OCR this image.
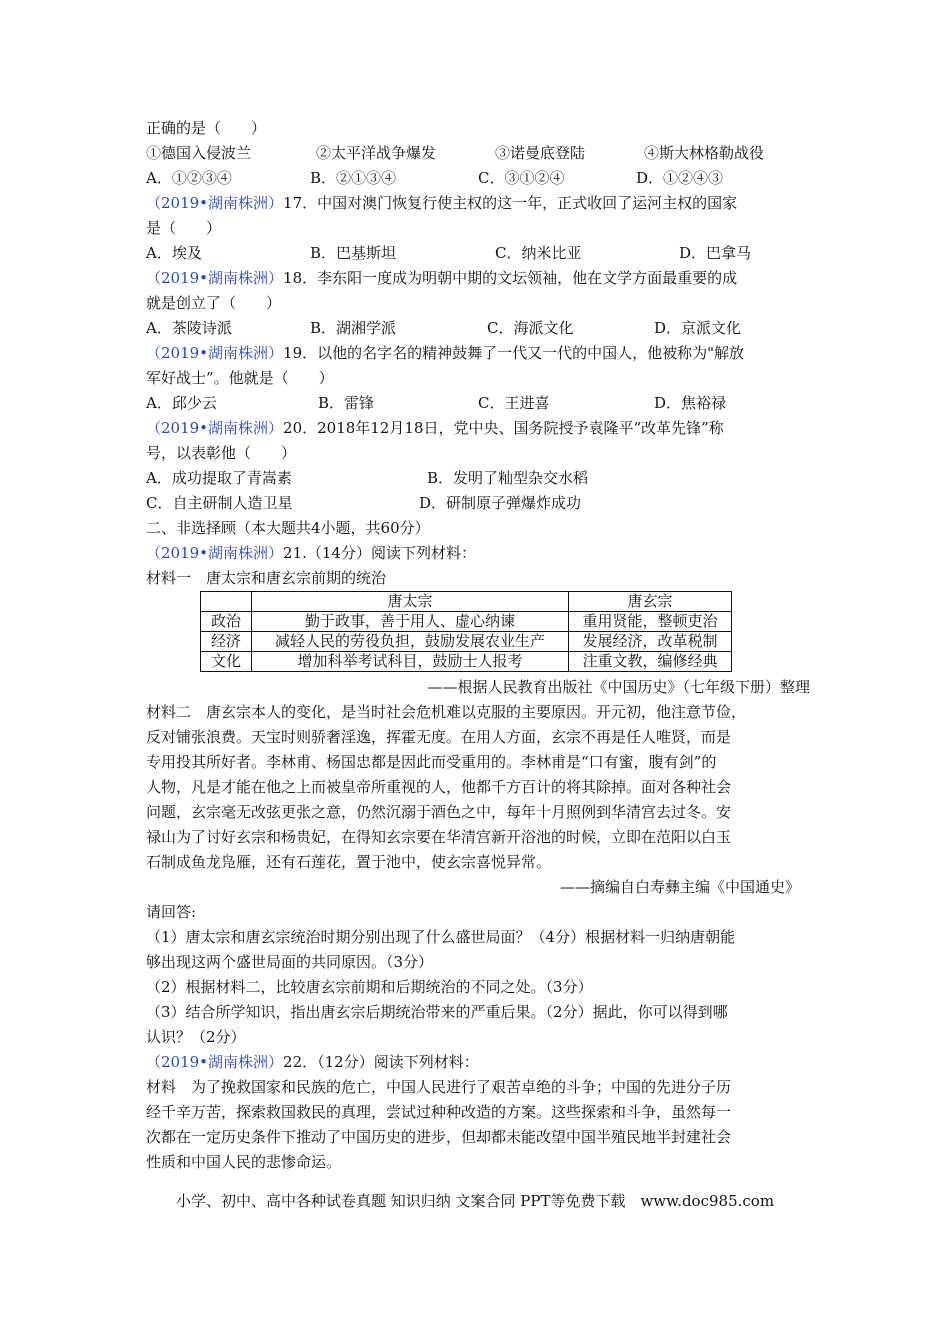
正确的是（　　）
①德国入侵波兰	②太平洋战争爆发	③诺曼底登陆	④斯大林格勒战役
A．①②③④	B．②①③④	C．③①②④	D．①②④③
（2019•湖南株洲）17．中国对澳门恢复行使主权的这一年，正式收回了运河主权的国家
是（　　）
A．埃及	B．巴基斯坦	C．纳米比亚	D．巴拿马
（2019•湖南株洲）18．李东阳一度成为明朝中期的文坛领袖，他在文学方面最重要的成
就是创立了（　　）
A．茶陵诗派	B．湖湘学派	C．海派文化	D．京派文化
（2019•湖南株洲）19．以他的名字名的精神鼓舞了一代又一代的中国人，他被称为"解放
军好战士”。他就是（　　）
A．邱少云	B．雷锋	C．王进喜	D．焦裕禄
（2019•湖南株洲）20．2018年12月18日，党中央、国务院授予袁隆平“改革先锋”称
号，以表彰他（　　）
A．成功提取了青嵩素	B．发明了籼型杂交水稻
C．自主研制人造卫星	D．研制原子弹爆炸成功
二、非选择顾（本大题共4小题，共60分）
（2019•湖南株洲）21.（14分）阅读下列材料：
材料一　唐太宗和唐玄宗前期的统治
	唐太宗	唐玄宗
政治	勤于政事，善于用人、虚心纳谏	重用贤能，整顿吏治
经济	减轻人民的劳役负担，鼓励发展农业生产	发展经济，改革税制
文化	增加科举考试科目，鼓励士人报考	注重文教，编修经典
——根据人民教育出版社《中国历史》（七年级下册）整理
材料二　唐玄宗本人的变化，是当时社会危机难以克服的主要原因。开元初，他注意节俭，
反对铺张浪费。天宝时则骄奢淫逸，挥霍无度。在用人方面，玄宗不再是任人唯贤，而是
专用投其所好者。李林甫、杨国忠都是因此而受重用的。李林甫是“口有蜜，腹有剑”的
人物，凡是才能在他之上而被皇帝所重视的人，他都千方百计的将其除掉。面对各种社会
问题，玄宗毫无改弦更张之意，仍然沉溺于酒色之中，每年十月照例到华清宫去过冬。安
禄山为了讨好玄宗和杨贵妃，在得知玄宗要在华清宫新开浴池的时候，立即在范阳以白玉
石制成鱼龙凫雁，还有石莲花，置于池中，使玄宗喜悦异常。
——摘编自白寿彝主编《中国通史》
请回答:
（1）唐太宗和唐玄宗统治时期分别出现了什么盛世局面？（4分）根据材料一归纳唐朝能
够出现这两个盛世局面的共同原因。（3分）
（2）根据材料二，比较唐玄宗前期和后期统治的不同之处。（3分）
（3）结合所学知识，指出唐玄宗后期统治带来的严重后果。（2分）据此，你可以得到哪
认识？（2分）
（2019•湖南株洲）22．（12分）阅读下列材料：
材料　为了挽救国家和民族的危亡，中国人民进行了艰苦卓绝的斗争；中国的先进分子历
经千辛万苦，探索救国救民的真理，尝试过种种改造的方案。这些探索和斗争，虽然每一
次都在一定历史条件下推动了中国历史的进步，但却都未能改望中国半殖民地半封建社会
性质和中国人民的悲惨命运。
小学、初中、高中各种试卷真题 知识归纳 文案合同 PPT等免费下载　www.doc985.com
